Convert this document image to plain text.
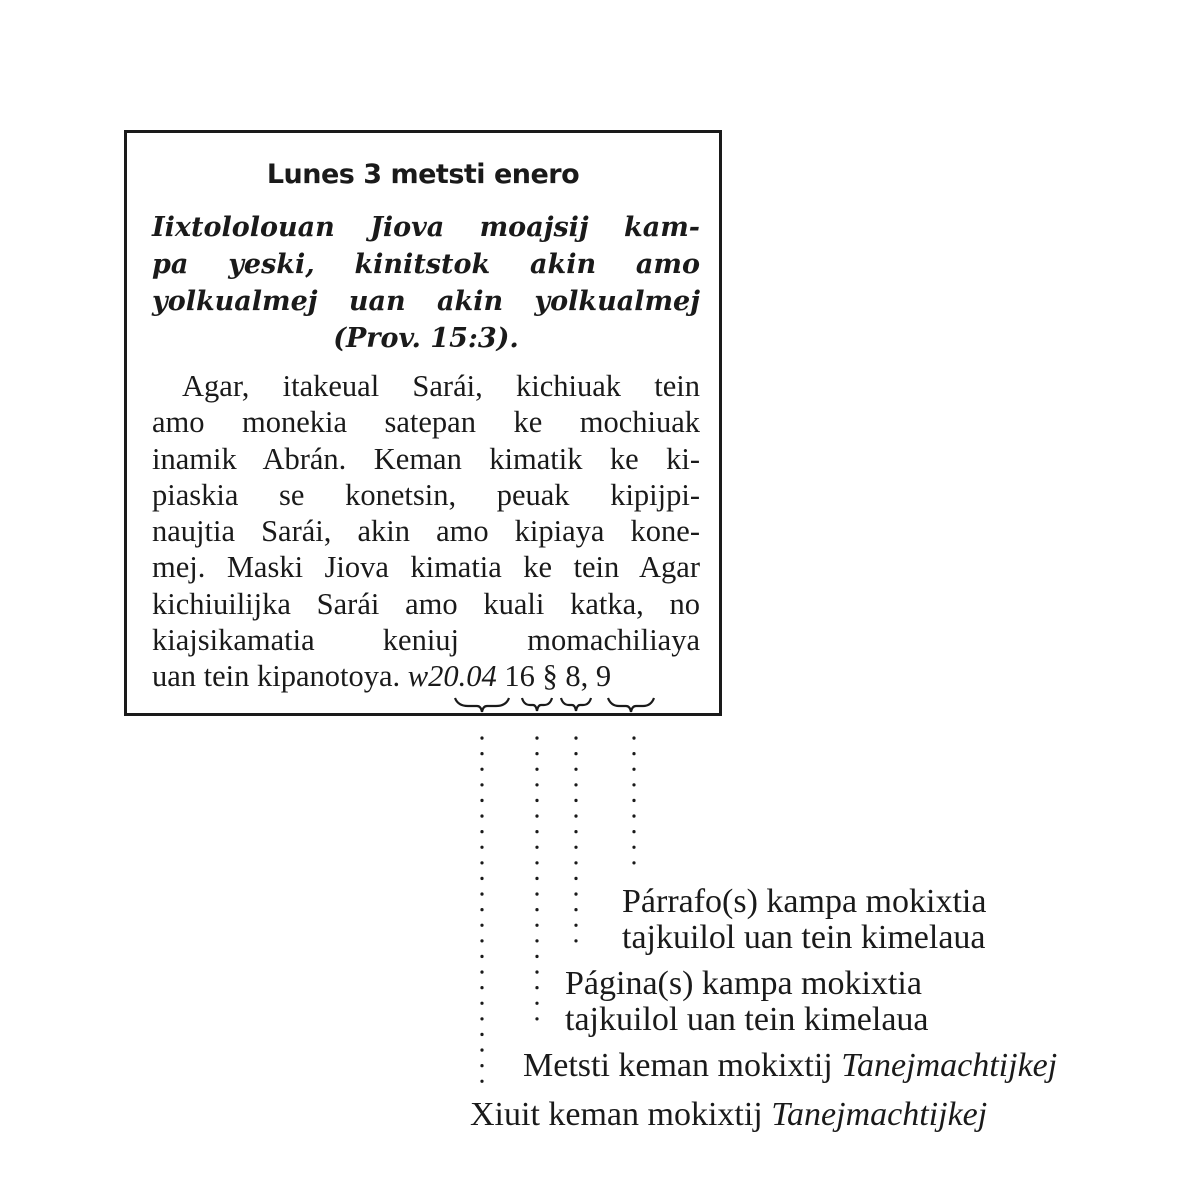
Lunes 3 metsti enero
Iixtololouan Jiova moajsij kam-
pa yeski, kinitstok akin amo
yolkualmej uan akin yolkualmej
(Prov. 15:3).
Agar, itakeual Sarái, kichiuak tein
amo monekia satepan ke mochiuak
inamik Abrán. Keman kimatik ke ki-
piaskia se konetsin, peuak kipijpi-
naujtia Sarái, akin amo kipiaya kone-
mej. Maski Jiova kimatia ke tein Agar
kichiuilijka Sarái amo kuali katka, no
kiajsikamatia keniuj momachiliaya
uan tein kipanotoya. w20.04 16 § 8, 9
Párrafo(s) kampa mokixtia
tajkuilol uan tein kimelaua
Página(s) kampa mokixtia
tajkuilol uan tein kimelaua
Metsti keman mokixtij Tanejmachtijkej
Xiuit keman mokixtij Tanejmachtijkej
